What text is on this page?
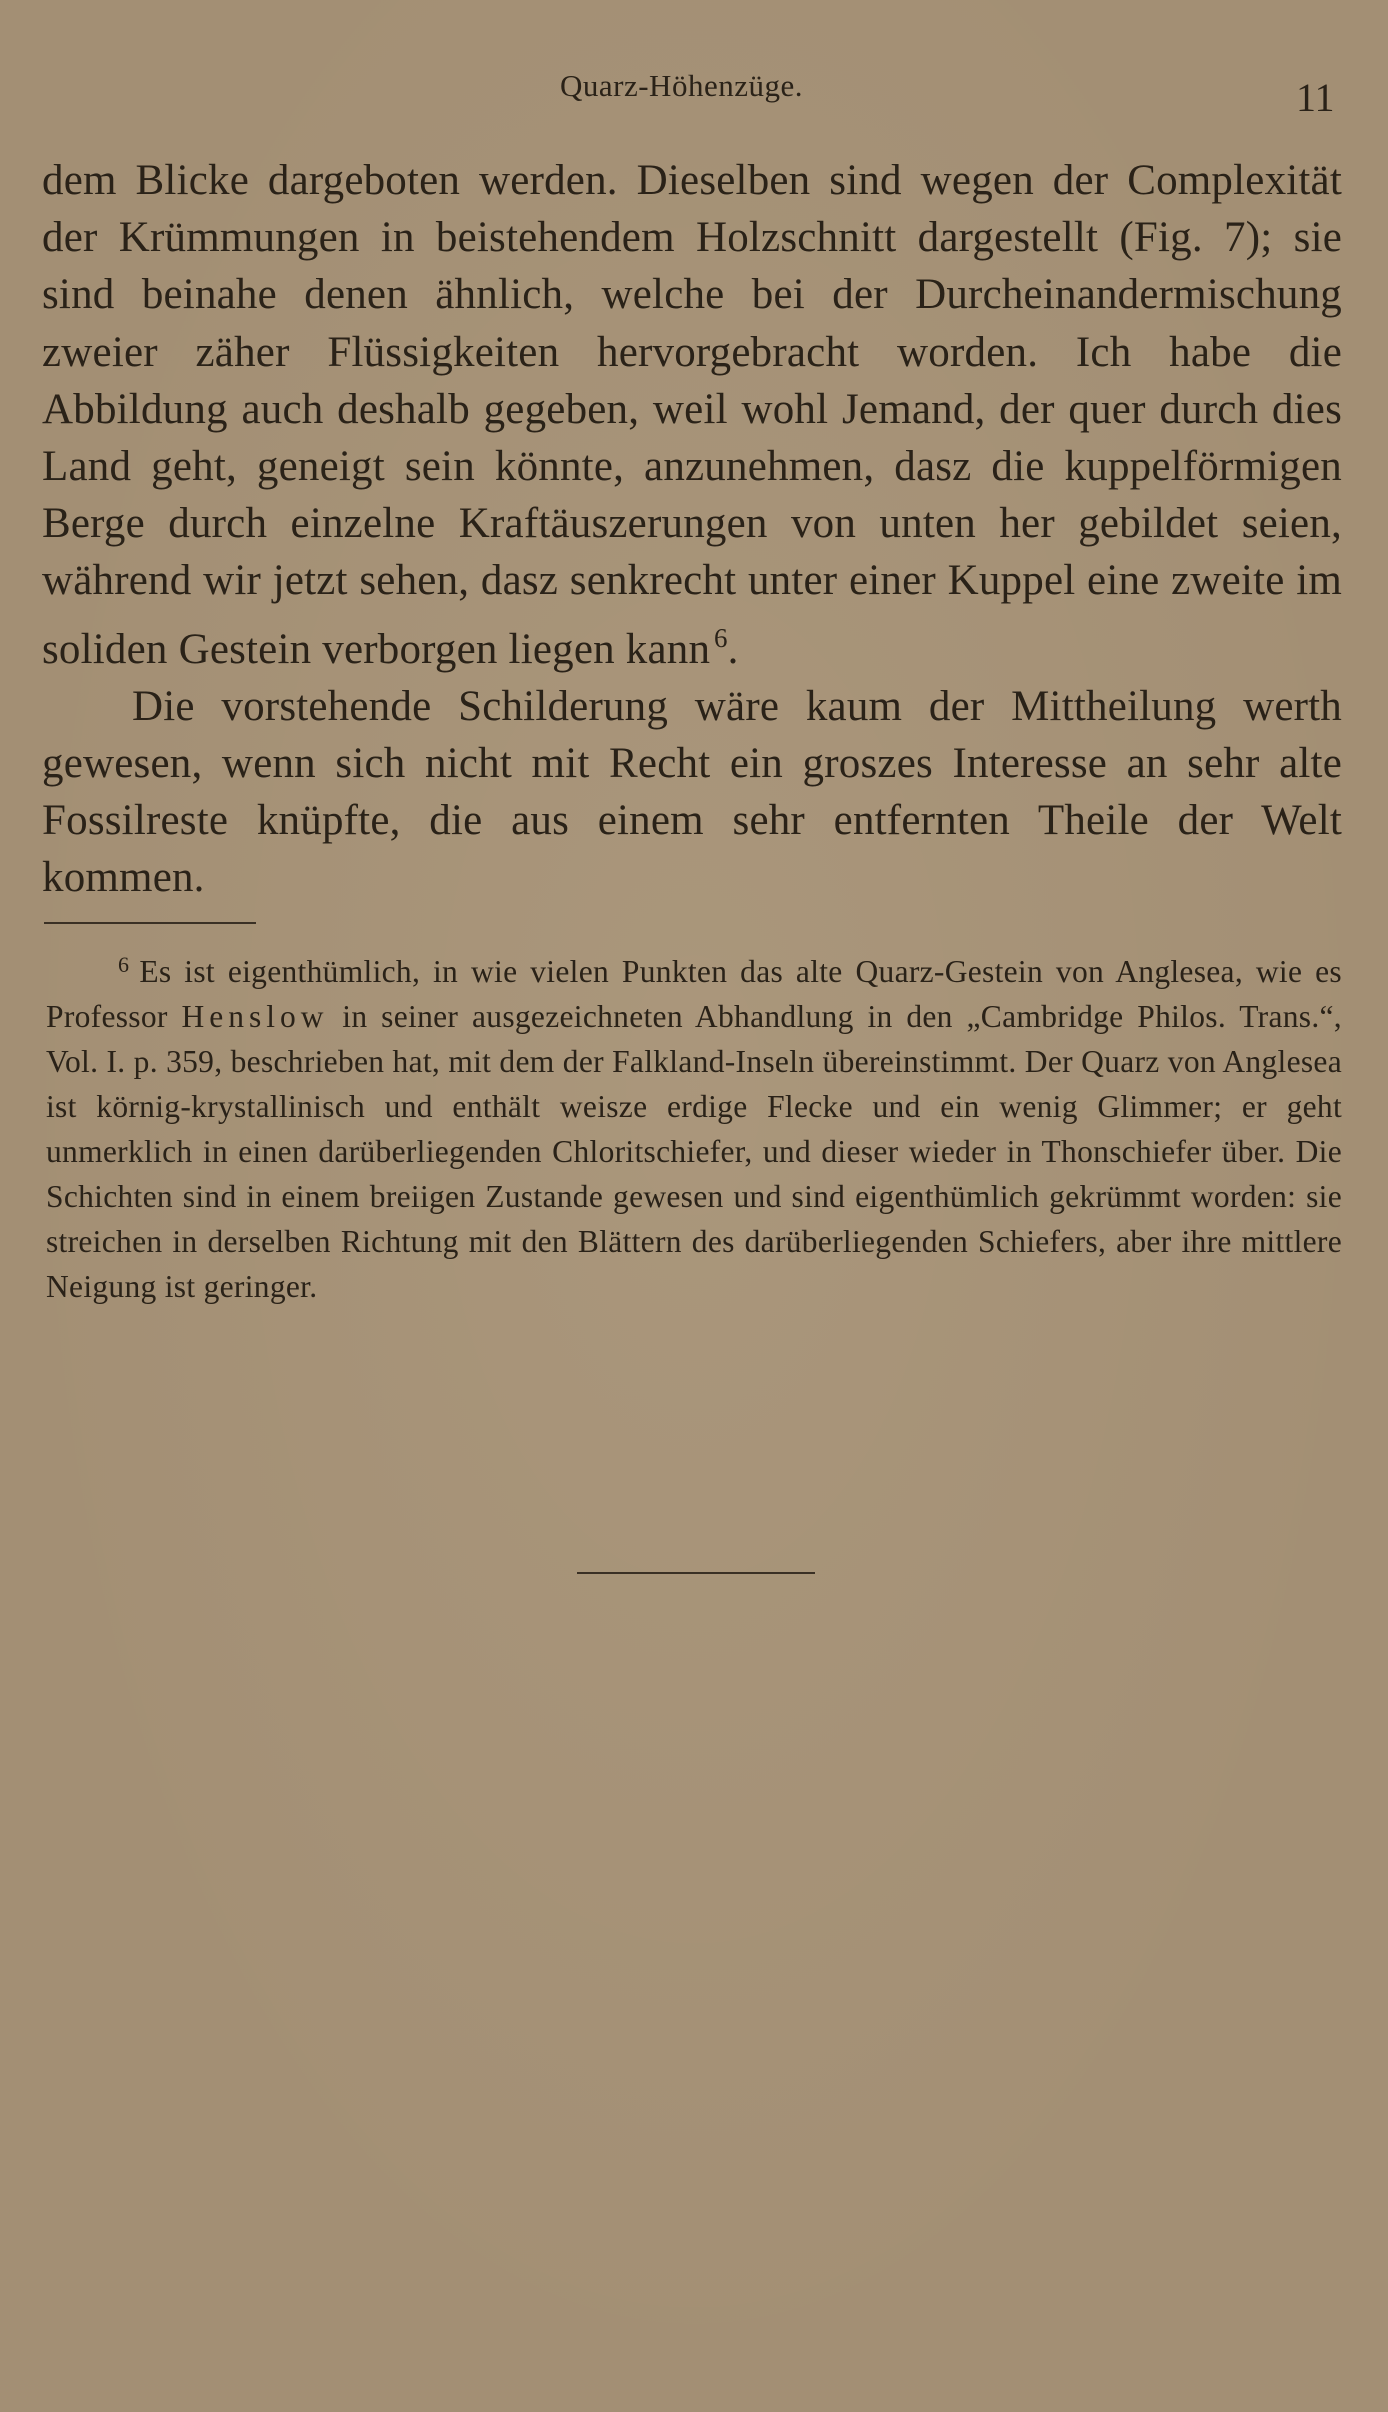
Quarz-Höhenzüge.	11

dem Blicke dargeboten werden. Dieselben sind wegen der Complexität der Krümmungen in beistehendem Holzschnitt dargestellt (Fig. 7); sie sind beinahe denen ähnlich, welche bei der Durcheinandermischung zweier zäher Flüssigkeiten hervorgebracht worden. Ich habe die Abbildung auch deshalb gegeben, weil wohl Jemand, der quer durch dies Land geht, geneigt sein könnte, anzunehmen, dasz die kuppelförmigen Berge durch einzelne Kraftäuszerungen von unten her gebildet seien, während wir jetzt sehen, dasz senkrecht unter einer Kuppel eine zweite im soliden Gestein verborgen liegen kann  $^6$.

Die vorstehende Schilderung wäre kaum der Mittheilung werth gewesen, wenn sich nicht mit Recht ein groszes Interesse an sehr alte Fossilreste knüpfte, die aus einem sehr entfernten Theile der Welt kommen.

$^6$ Es ist eigenthümlich, in wie vielen Punkten das alte Quarz-Gestein von Anglesea, wie es Professor Henslow in seiner ausgezeichneten Abhandlung in den „Cambridge Philos. Trans.“, Vol. I. p. 359, beschrieben hat, mit dem der Falkland-Inseln übereinstimmt. Der Quarz von Anglesea ist körnig-krystallinisch und enthält weisze erdige Flecke und ein wenig Glimmer; er geht unmerklich in einen darüberliegenden Chloritschiefer, und dieser wieder in Thonschiefer über. Die Schichten sind in einem breiigen Zustande gewesen und sind eigenthümlich gekrümmt worden: sie streichen in derselben Richtung mit den Blättern des darüberliegenden Schiefers, aber ihre mittlere Neigung ist geringer.
